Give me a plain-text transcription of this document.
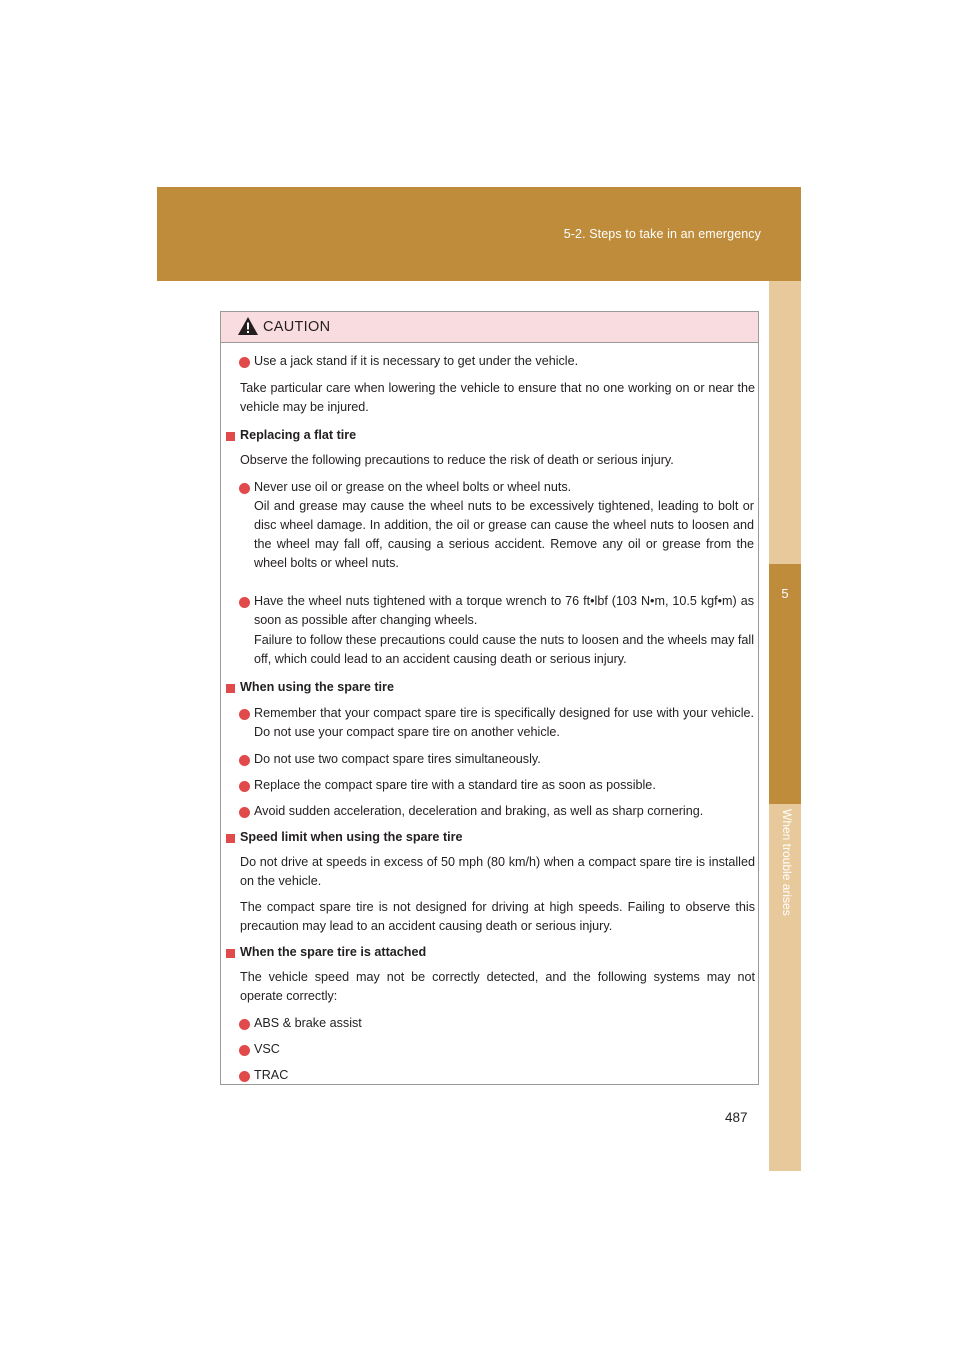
5-2. Steps to take in an emergency
5
When trouble arises
CAUTION
Use a jack stand if it is necessary to get under the vehicle.
Take particular care when lowering the vehicle to ensure that no one working on or near the vehicle may be injured.
Replacing a flat tire
Observe the following precautions to reduce the risk of death or serious injury.
Never use oil or grease on the wheel bolts or wheel nuts.
Oil and grease may cause the wheel nuts to be excessively tightened, leading to bolt or disc wheel damage. In addition, the oil or grease can cause the wheel nuts to loosen and the wheel may fall off, causing a serious accident. Remove any oil or grease from the wheel bolts or wheel nuts.
Have the wheel nuts tightened with a torque wrench to 76 ft•lbf (103 N•m, 10.5 kgf•m) as soon as possible after changing wheels.
Failure to follow these precautions could cause the nuts to loosen and the wheels may fall off, which could lead to an accident causing death or serious injury.
When using the spare tire
Remember that your compact spare tire is specifically designed for use with your vehicle. Do not use your compact spare tire on another vehicle.
Do not use two compact spare tires simultaneously.
Replace the compact spare tire with a standard tire as soon as possible.
Avoid sudden acceleration, deceleration and braking, as well as sharp cornering.
Speed limit when using the spare tire
Do not drive at speeds in excess of 50 mph (80 km/h) when a compact spare tire is installed on the vehicle.
The compact spare tire is not designed for driving at high speeds. Failing to observe this precaution may lead to an accident causing death or serious injury.
When the spare tire is attached
The vehicle speed may not be correctly detected, and the following systems may not operate correctly:
ABS & brake assist
VSC
TRAC
487
